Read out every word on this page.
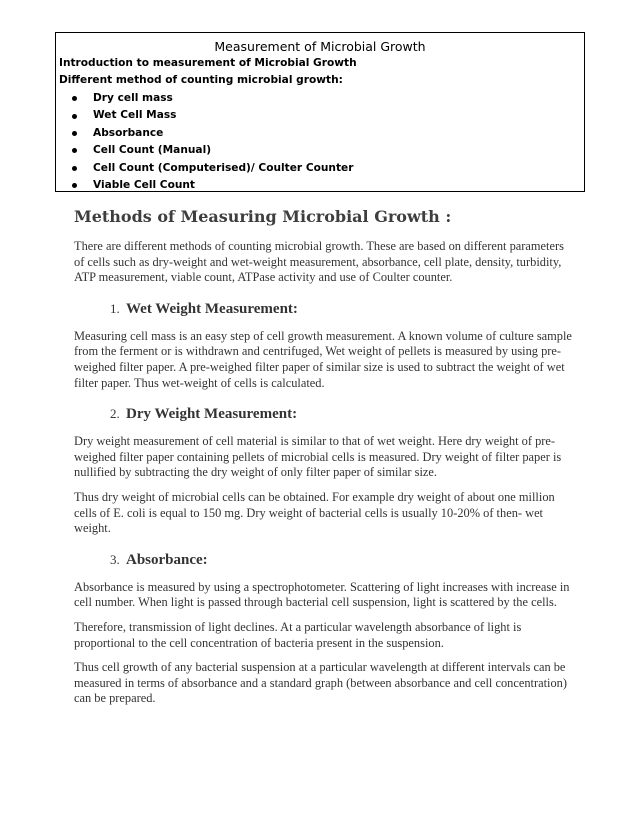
Measurement of Microbial Growth
Introduction to measurement of Microbial Growth
Different method of counting microbial growth:
Dry cell mass
Wet Cell Mass
Absorbance
Cell Count (Manual)
Cell Count (Computerised)/ Coulter Counter
Viable Cell Count
Methods of Measuring Microbial Growth :

There are different methods of counting microbial growth. These are based on different parameters of cells such as dry-weight and wet-weight measurement, absorbance, cell plate, density, turbidity, ATP measurement, viable count, ATPase activity and use of Coulter counter.

1. Wet Weight Measurement:

Measuring cell mass is an easy step of cell growth measurement. A known volume of culture sample from the ferment or is withdrawn and centrifuged, Wet weight of pellets is measured by using pre-weighed filter paper. A pre-weighed filter paper of similar size is used to subtract the weight of wet filter paper. Thus wet-weight of cells is calculated.

2. Dry Weight Measurement:

Dry weight measurement of cell material is similar to that of wet weight. Here dry weight of pre-weighed filter paper containing pellets of microbial cells is measured. Dry weight of filter paper is nullified by subtracting the dry weight of only filter paper of similar size.

Thus dry weight of microbial cells can be obtained. For example dry weight of about one million cells of E. coli is equal to 150 mg. Dry weight of bacterial cells is usually 10-20% of then- wet weight.

3. Absorbance:

Absorbance is measured by using a spectrophotometer. Scattering of light increases with increase in cell number. When light is passed through bacterial cell suspension, light is scattered by the cells.

Therefore, transmission of light declines. At a particular wavelength absorbance of light is proportional to the cell concentration of bacteria present in the suspension.

Thus cell growth of any bacterial suspension at a particular wavelength at different intervals can be measured in terms of absorbance and a standard graph (between absorbance and cell concentration) can be prepared.
